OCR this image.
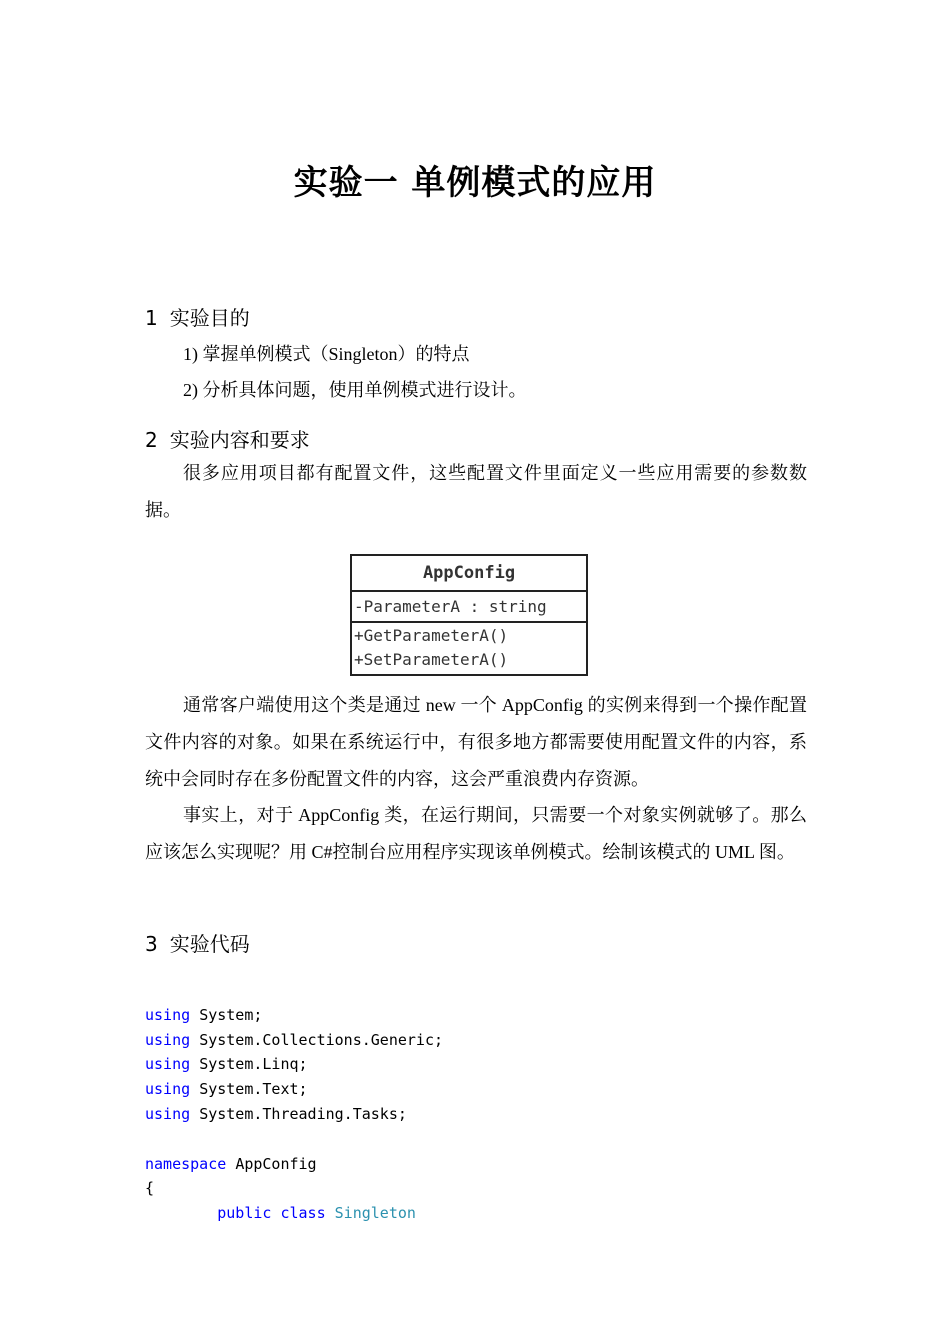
实验一 单例模式的应用
1 实验目的
1) 掌握单例模式（Singleton）的特点
2) 分析具体问题，使用单例模式进行设计。
2 实验内容和要求
很多应用项目都有配置文件，这些配置文件里面定义一些应用需要的参数数据。
AppConfig
-ParameterA : string
+GetParameterA()
+SetParameterA()
通常客户端使用这个类是通过 new 一个 AppConfig 的实例来得到一个操作配置文件内容的对象。如果在系统运行中，有很多地方都需要使用配置文件的内容，系统中会同时存在多份配置文件的内容，这会严重浪费内存资源。
事实上，对于 AppConfig 类，在运行期间，只需要一个对象实例就够了。那么应该怎么实现呢？用 C#控制台应用程序实现该单例模式。绘制该模式的 UML 图。
3 实验代码

using System;
using System.Collections.Generic;
using System.Linq;
using System.Text;
using System.Threading.Tasks;
namespace AppConfig
{
public class Singleton
